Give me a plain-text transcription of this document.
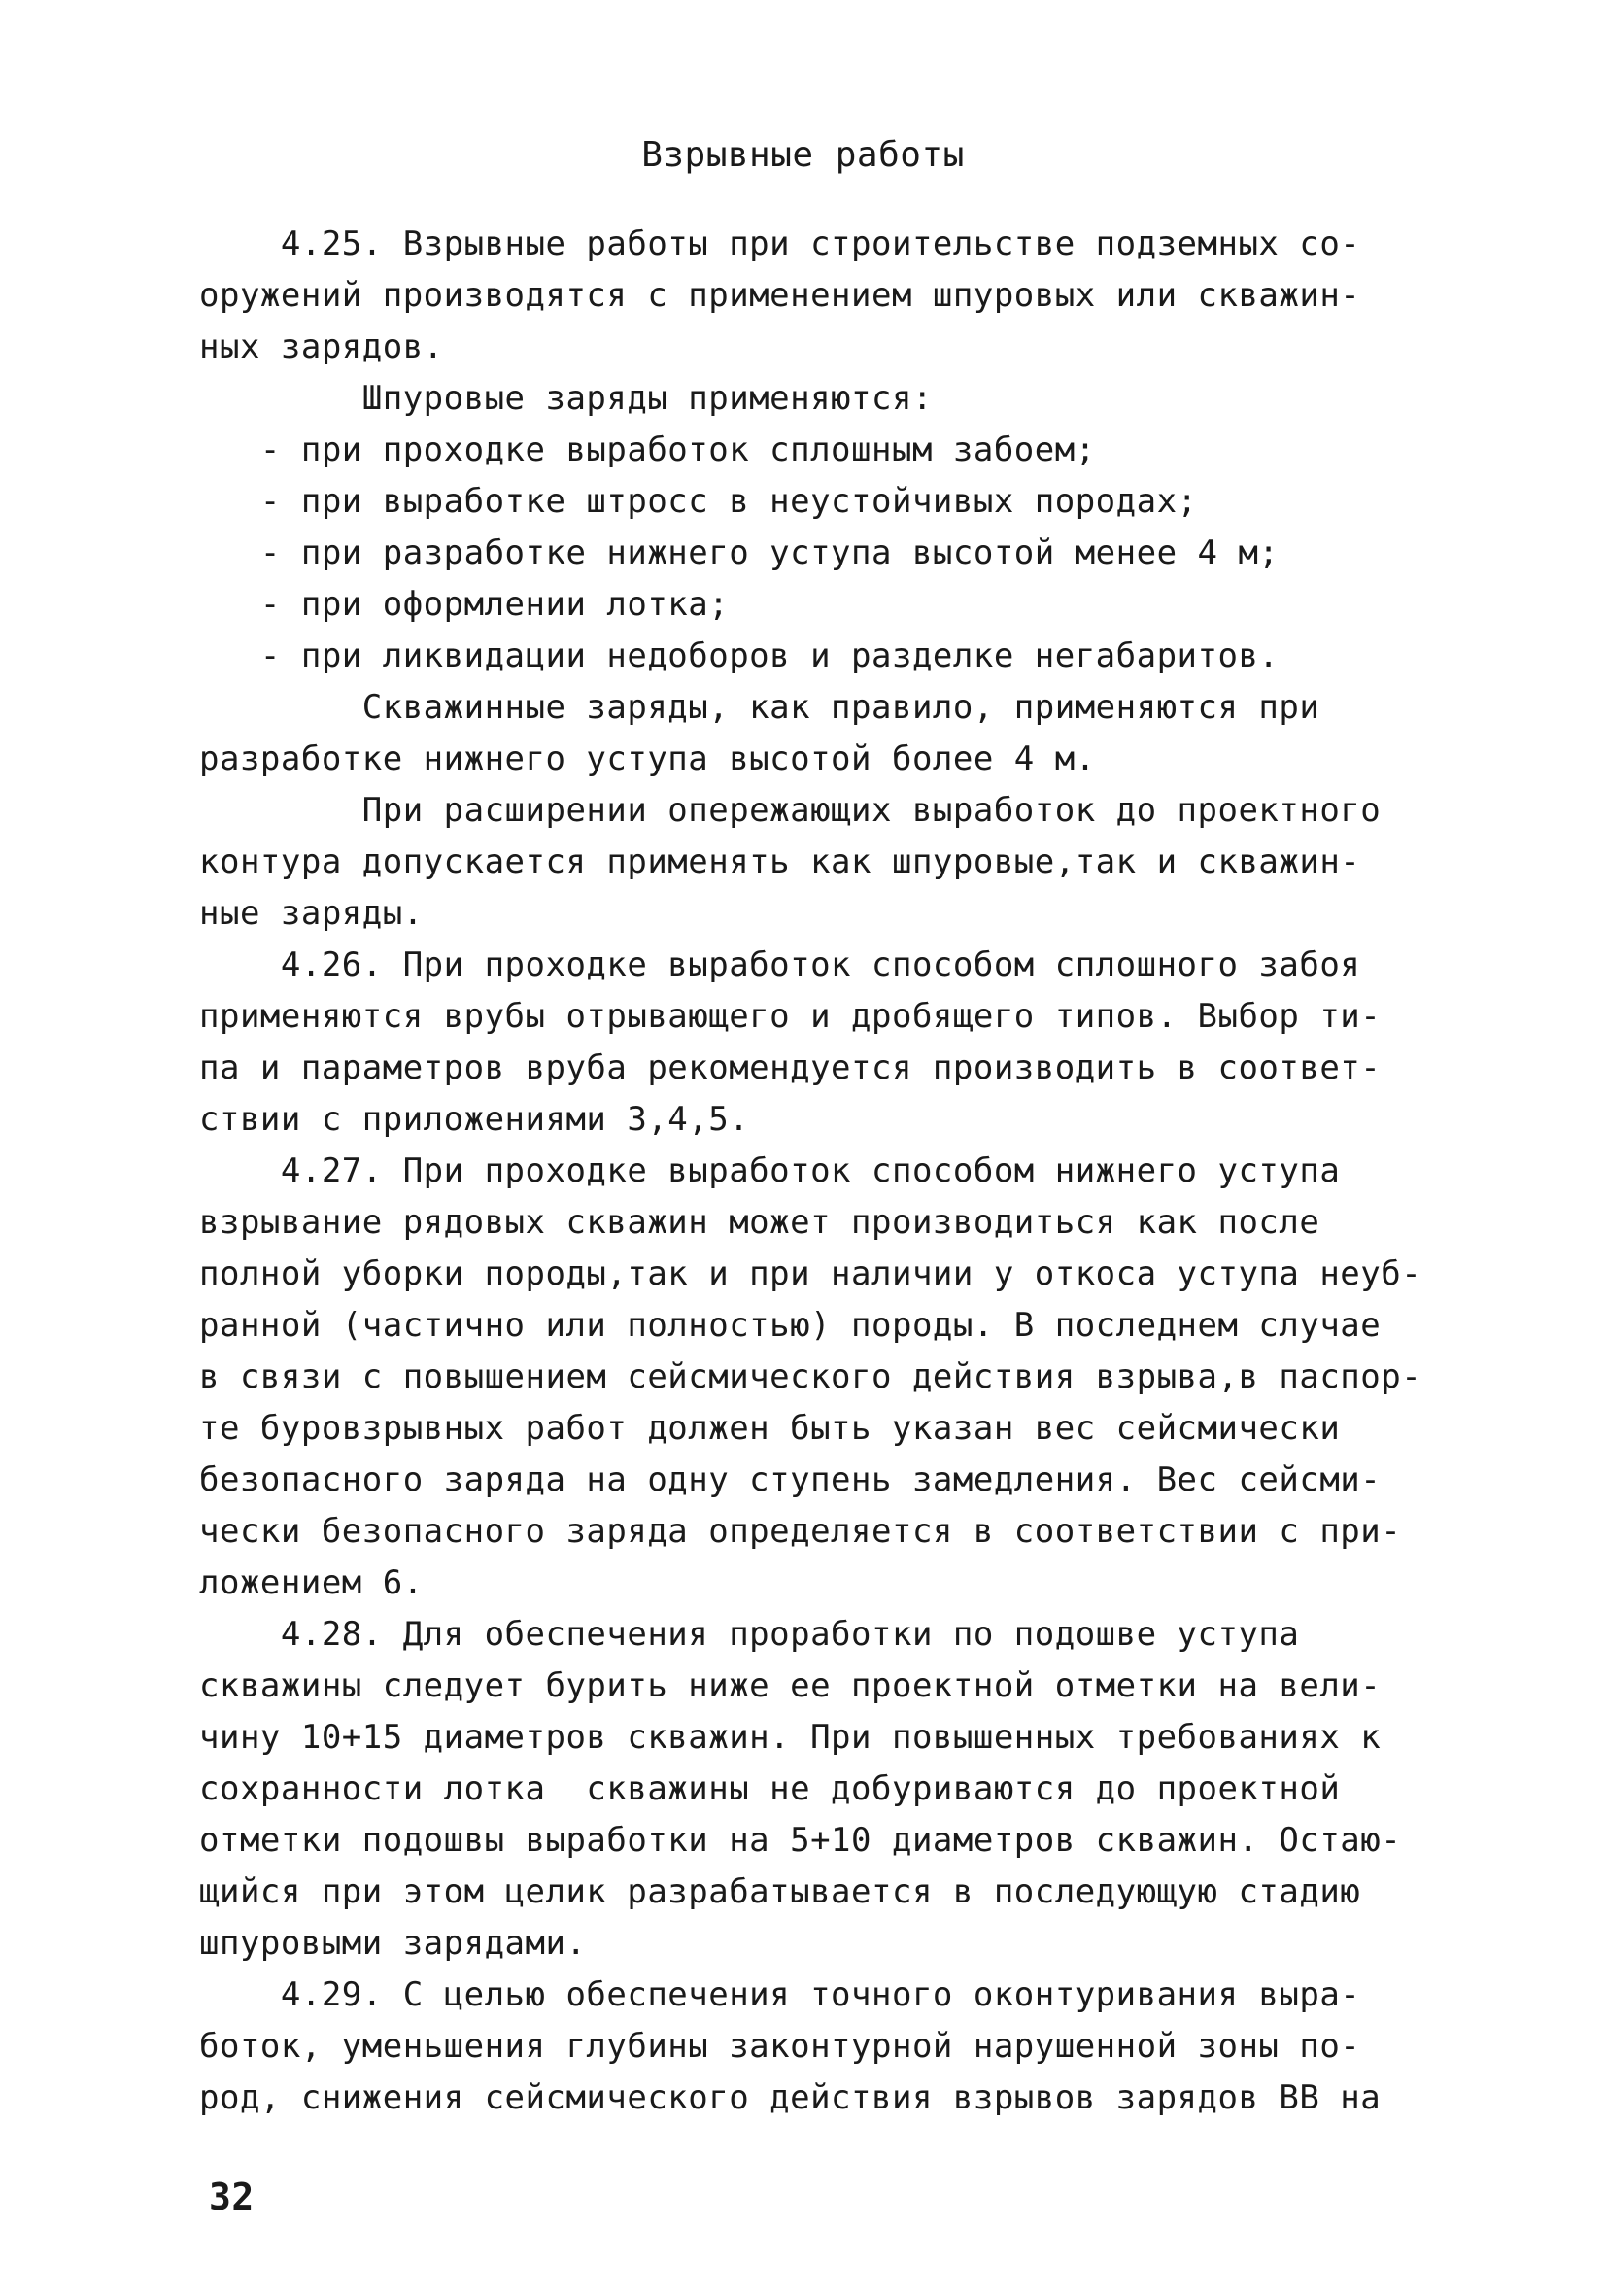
Взрывные работы
4.25. Взрывные работы при строительстве подземных со-
оружений производятся с применением шпуровых или скважин-
ных зарядов.
Шпуровые заряды применяются:
- при проходке выработок сплошным забоем;
- при выработке штросс в неустойчивых породах;
- при разработке нижнего уступа высотой менее 4 м;
- при оформлении лотка;
- при ликвидации недоборов и разделке негабаритов.
Скважинные заряды, как правило, применяются при
разработке нижнего уступа высотой более 4 м.
При расширении опережающих выработок до проектного
контура допускается применять как шпуровые,так и скважин-
ные заряды.
4.26. При проходке выработок способом сплошного забоя
применяются врубы отрывающего и дробящего типов. Выбор ти-
па и параметров вруба рекомендуется производить в соответ-
ствии с приложениями 3,4,5.
4.27. При проходке выработок способом нижнего уступа
взрывание рядовых скважин может производиться как после
полной уборки породы,так и при наличии у откоса уступа неуб-
ранной (частично или полностью) породы. В последнем случае
в связи с повышением сейсмического действия взрыва,в паспор-
те буровзрывных работ должен быть указан вес сейсмически
безопасного заряда на одну ступень замедления. Вес сейсми-
чески безопасного заряда определяется в соответствии с при-
ложением 6.
4.28. Для обеспечения проработки по подошве уступа
скважины следует бурить ниже ее проектной отметки на вели-
чину 10+15 диаметров скважин. При повышенных требованиях к
сохранности лотка  скважины не добуриваются до проектной
отметки подошвы выработки на 5+10 диаметров скважин. Остаю-
щийся при этом целик разрабатывается в последующую стадию
шпуровыми зарядами.
4.29. С целью обеспечения точного оконтуривания выра-
боток, уменьшения глубины законтурной нарушенной зоны по-
род, снижения сейсмического действия взрывов зарядов ВВ на
32
